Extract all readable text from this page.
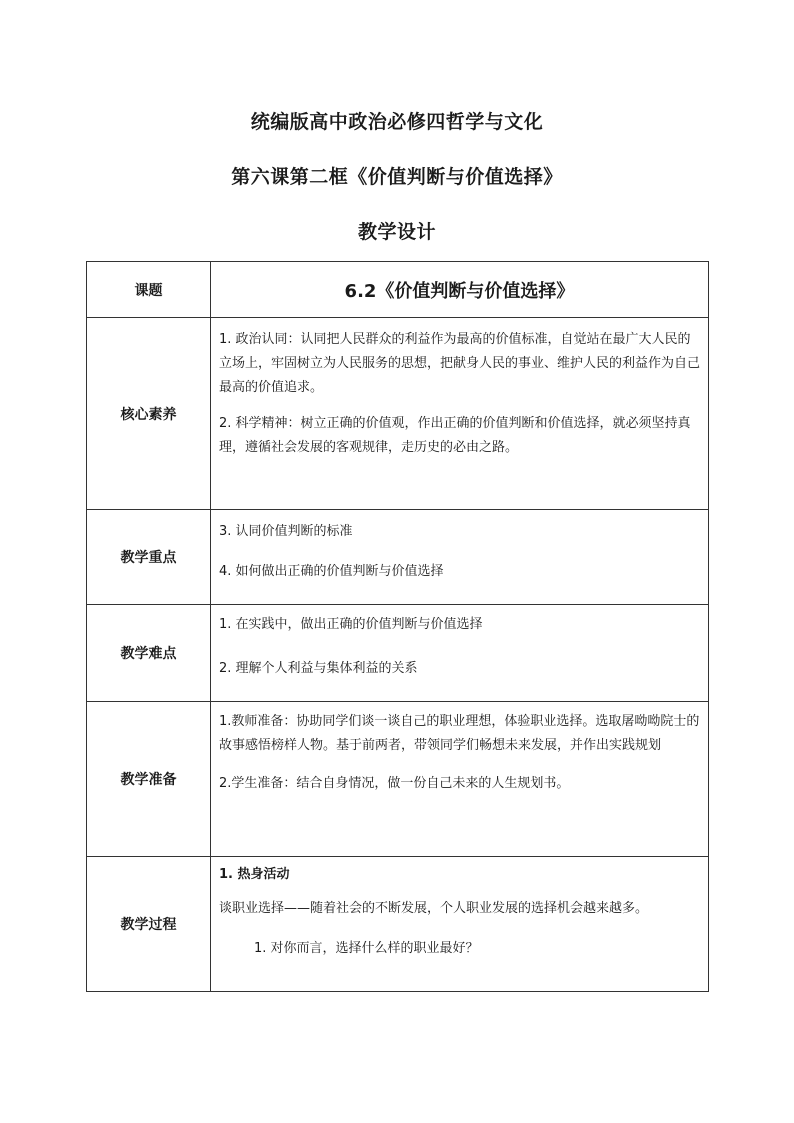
统编版高中政治必修四哲学与文化
第六课第二框《价值判断与价值选择》
教学设计
课题	6.2《价值判断与价值选择》
核心素养	1. 政治认同：认同把人民群众的利益作为最高的价值标准，自觉站在最广大人民的立场上，牢固树立为人民服务的思想，把献身人民的事业、维护人民的利益作为自己最高的价值追求。

2. 科学精神：树立正确的价值观，作出正确的价值判断和价值选择，就必须坚持真理，遵循社会发展的客观规律，走历史的必由之路。

教学重点	3. 认同价值判断的标准

4. 如何做出正确的价值判断与价值选择

教学难点	1. 在实践中，做出正确的价值判断与价值选择

2. 理解个人利益与集体利益的关系

教学准备	1.教师准备：协助同学们谈一谈自己的职业理想，体验职业选择。选取屠呦呦院士的故事感悟榜样人物。基于前两者，带领同学们畅想未来发展，并作出实践规划

2.学生准备：结合自身情况，做一份自己未来的人生规划书。

教学过程	1. 热身活动

谈职业选择——随着社会的不断发展，个人职业发展的选择机会越来越多。

1. 对你而言，选择什么样的职业最好？
